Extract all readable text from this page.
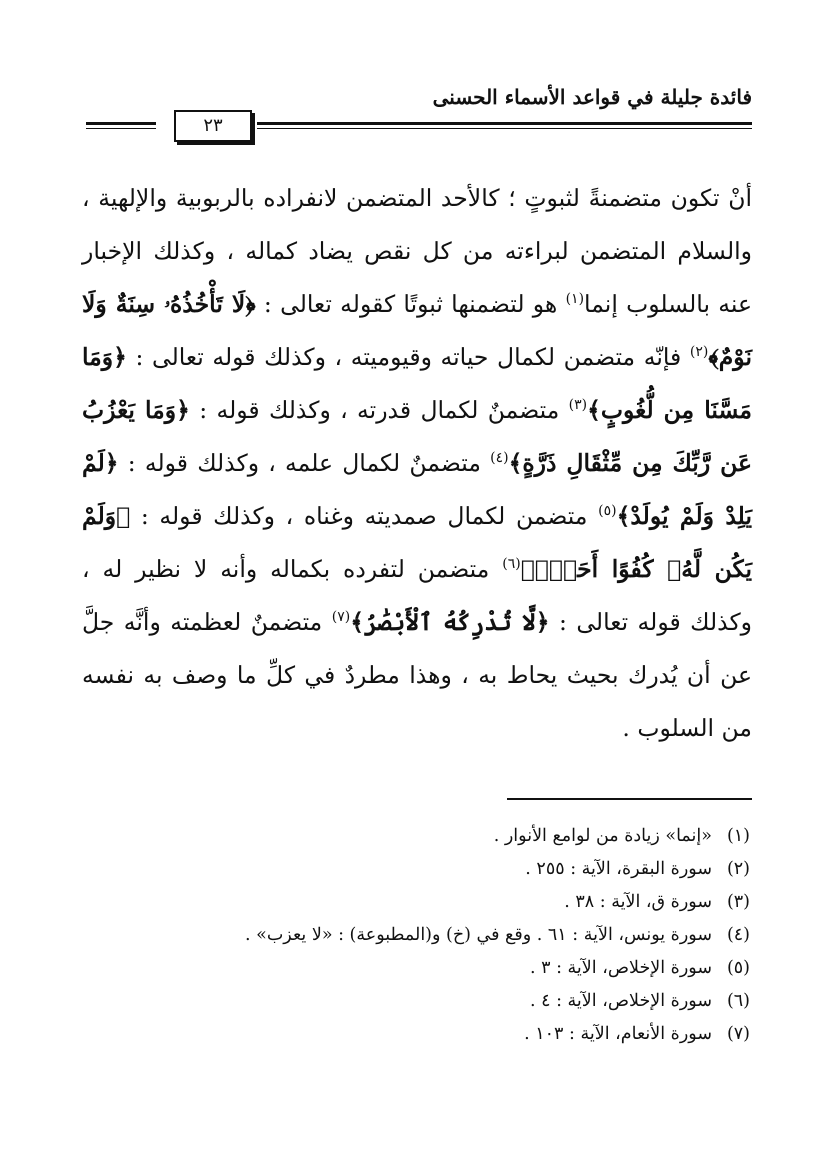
فائدة جليلة في قواعد الأسماء الحسنى
٢٣
أنْ تكون متضمنةً لثبوتٍ ؛ كالأحد المتضمن لانفراده بالربوبية والإلهية ، والسلام المتضمن لبراءته من كل نقص يضاد كماله ، وكذلك الإخبار عنه بالسلوب إنما$^{(١)}$ هو لتضمنها ثبوتًا كقوله تعالى : ﴿لَا تَأْخُذُهُۥ سِنَةٌ وَلَا نَوْمٌ﴾$^{(٢)}$ فإنّه متضمن لكمال حياته وقيوميته ، وكذلك قوله تعالى : ﴿وَمَا مَسَّنَا مِن لُّغُوبٍ﴾$^{(٣)}$ متضمنٌ لكمال قدرته ، وكذلك قوله : ﴿وَمَا يَعْزُبُ عَن رَّبِّكَ مِن مِّثْقَالِ ذَرَّةٍ﴾$^{(٤)}$ متضمنٌ لكمال علمه ، وكذلك قوله : ﴿لَمْ يَلِدْ وَلَمْ يُولَدْ﴾$^{(٥)}$ متضمن لكمال صمديته وغناه ، وكذلك قوله : ﴿وَلَمْ يَكُن لَّهُۥ كُفُوًا أَحَدٌۢ﴾$^{(٦)}$ متضمن لتفرده بكماله وأنه لا نظير له ، وكذلك قوله تعالى : ﴿لَّا تُدْرِكُهُ ٱلْأَبْصَٰرُ﴾$^{(٧)}$ متضمنٌ لعظمته وأنَّه جلَّ عن أن يُدرك بحيث يحاط به ، وهذا مطردٌ في كلِّ ما وصف به نفسه من السلوب .
(١)«إنما» زيادة من لوامع الأنوار .
(٢)سورة البقرة، الآية : ٢٥٥ .
(٣)سورة ق، الآية : ٣٨ .
(٤)سورة يونس، الآية : ٦١ . وقع في (خ) و(المطبوعة) : «لا يعزب» .
(٥)سورة الإخلاص، الآية : ٣ .
(٦)سورة الإخلاص، الآية : ٤ .
(٧)سورة الأنعام، الآية : ١٠٣ .
